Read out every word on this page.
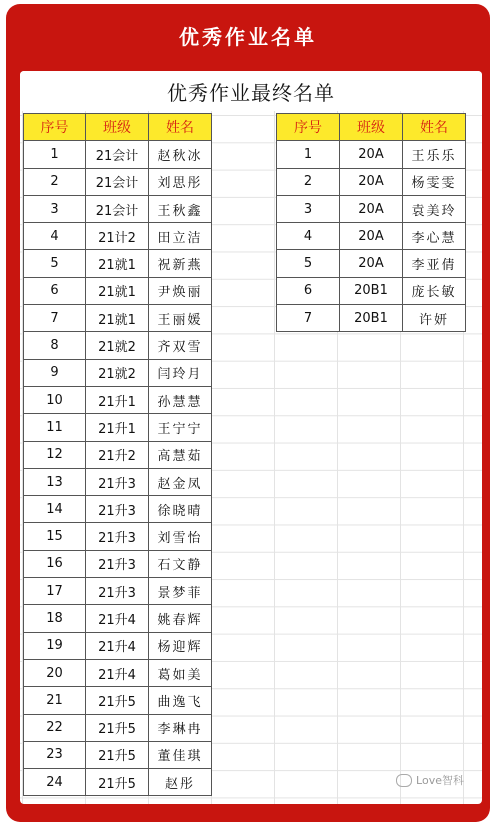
优秀作业名单
优秀作业最终名单
序号	班级	姓名
1	21会计	赵秋冰
2	21会计	刘思彤
3	21会计	王秋鑫
4	21计2	田立洁
5	21就1	祝新燕
6	21就1	尹焕丽
7	21就1	王丽媛
8	21就2	齐双雪
9	21就2	闫玲月
10	21升1	孙慧慧
11	21升1	王宁宁
12	21升2	高慧茹
13	21升3	赵金凤
14	21升3	徐晓晴
15	21升3	刘雪怡
16	21升3	石文静
17	21升3	景梦菲
18	21升4	姚春辉
19	21升4	杨迎辉
20	21升4	葛如美
21	21升5	曲逸飞
22	21升5	李琳冉
23	21升5	董佳琪
24	21升5	赵彤
序号	班级	姓名
1	20A	王乐乐
2	20A	杨雯雯
3	20A	袁美玲
4	20A	李心慧
5	20A	李亚倩
6	20B1	庞长敏
7	20B1	许妍
Love智科
